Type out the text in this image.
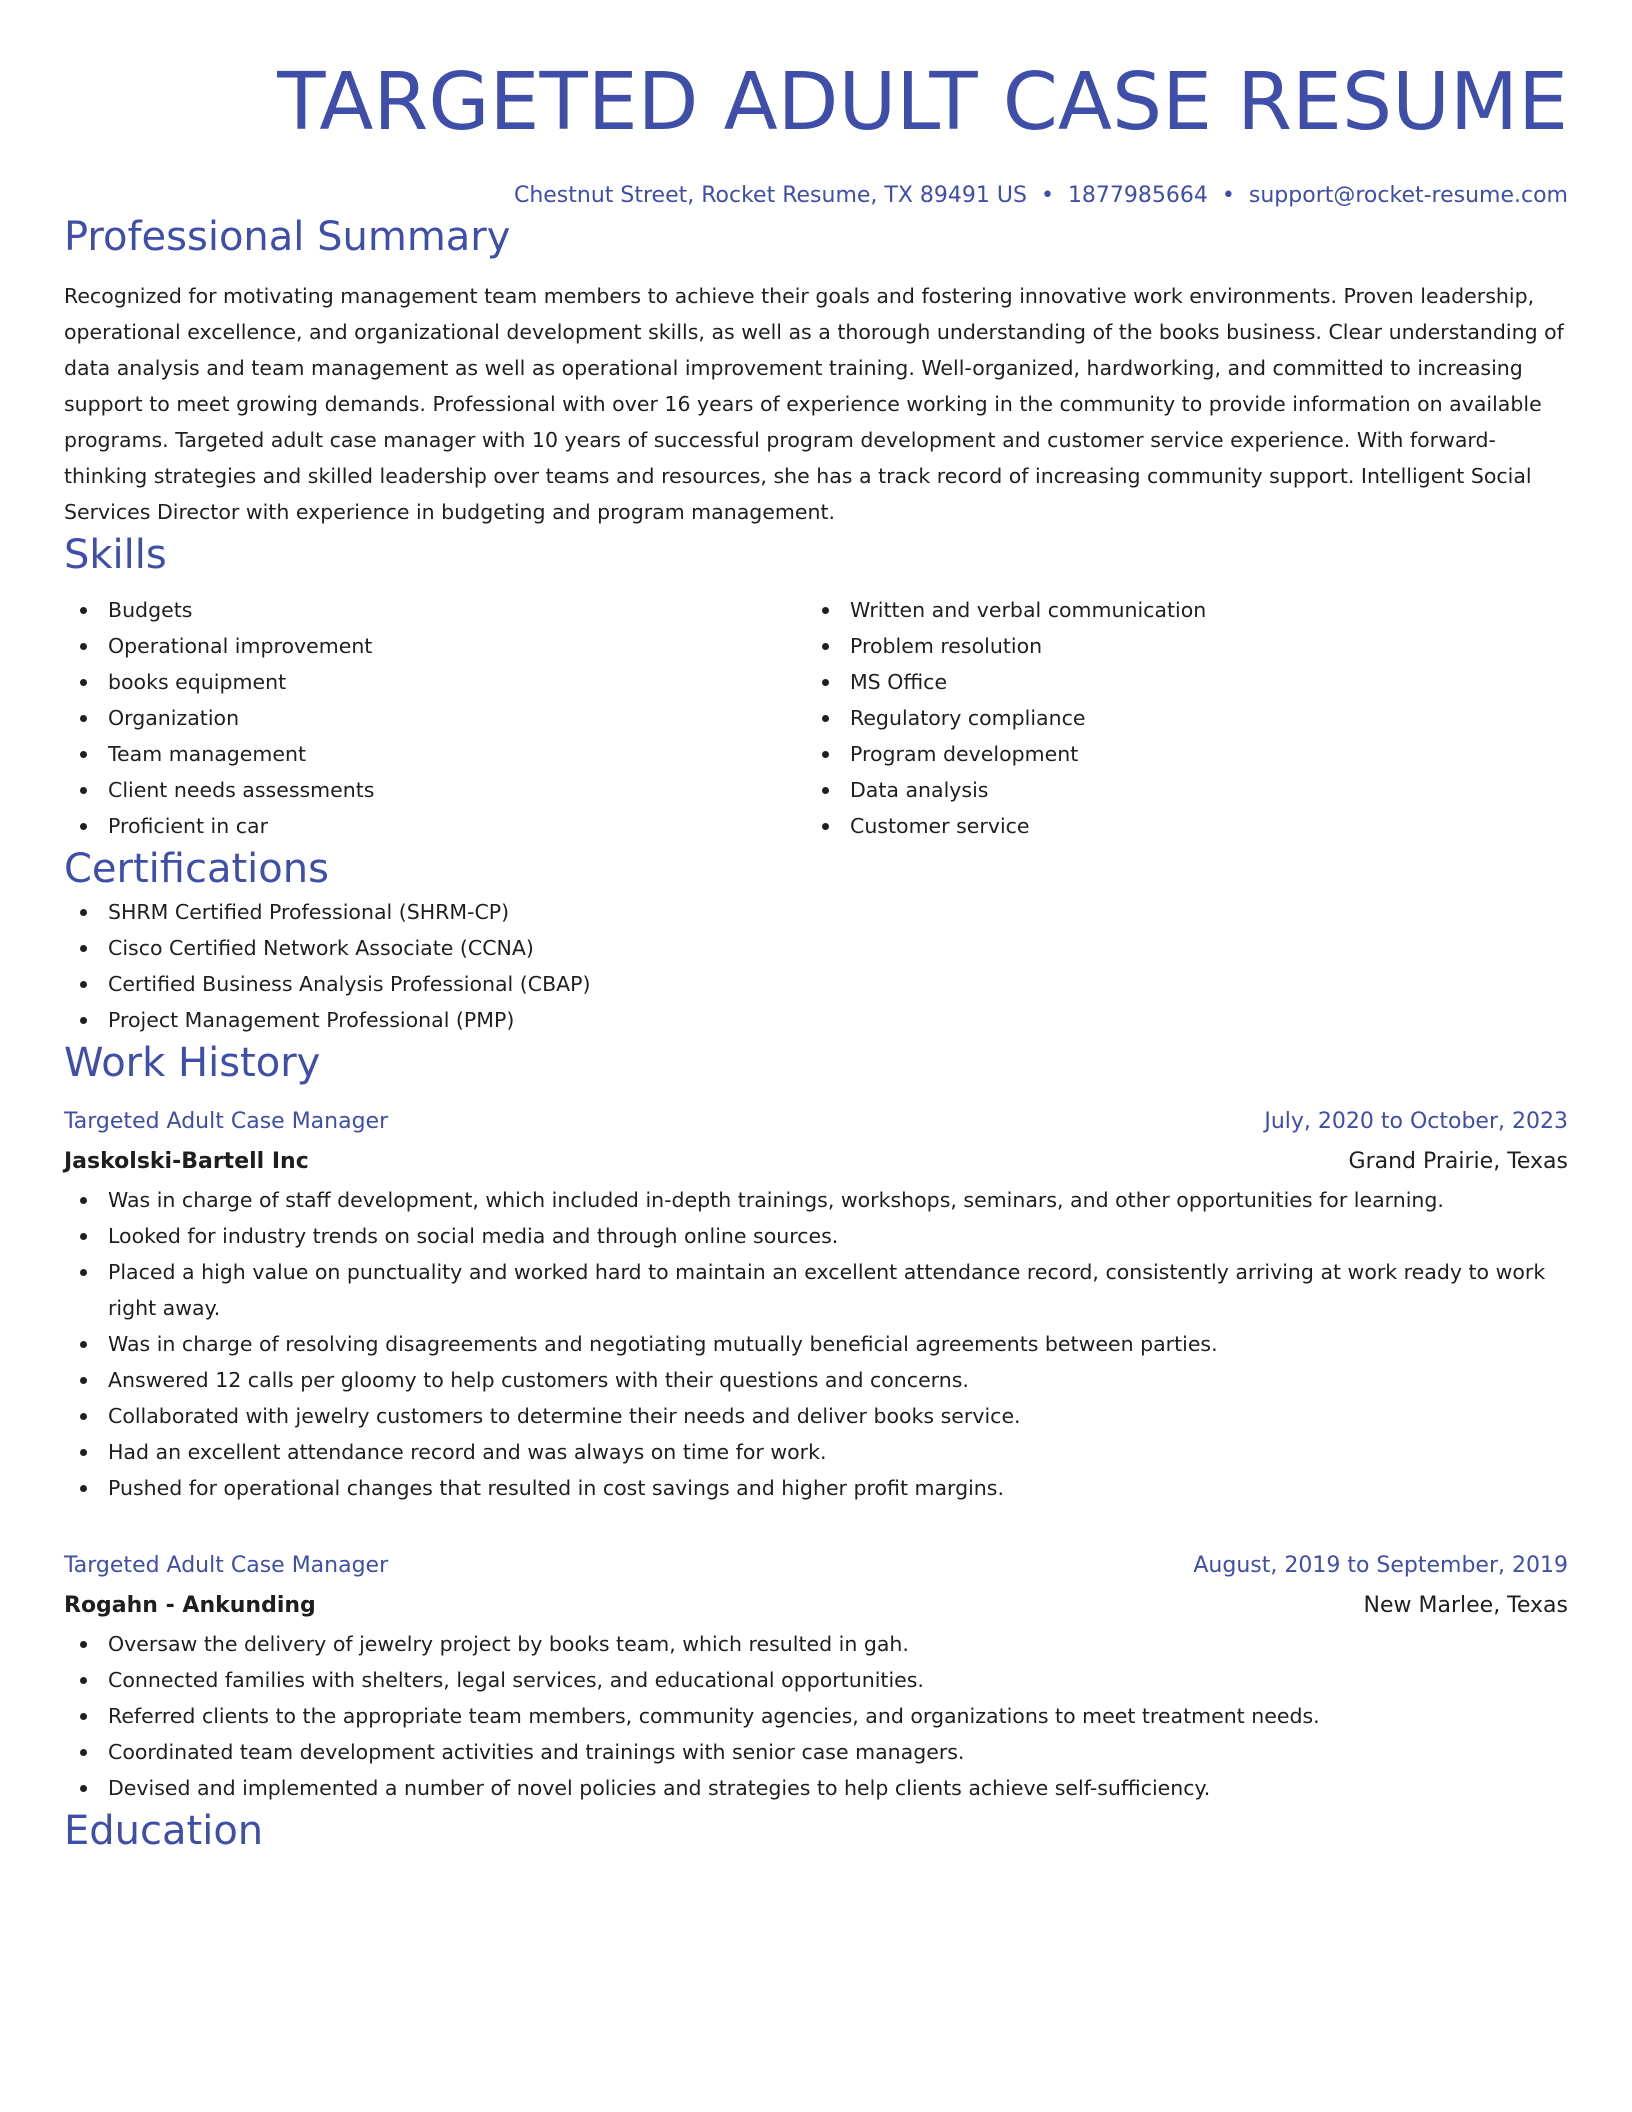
TARGETED ADULT CASE RESUME
Chestnut Street, Rocket Resume, TX 89491 US • 1877985664 • support@rocket-resume.com
Professional Summary

Recognized for motivating management team members to achieve their goals and fostering innovative work environments. Proven leadership, operational excellence, and organizational development skills, as well as a thorough understanding of the books business. Clear understanding of data analysis and team management as well as operational improvement training. Well-organized, hardworking, and committed to increasing support to meet growing demands. Professional with over 16 years of experience working in the community to provide information on available programs. Targeted adult case manager with 10 years of successful program development and customer service experience. With forward-thinking strategies and skilled leadership over teams and resources, she has a track record of increasing community support. Intelligent Social Services Director with experience in budgeting and program management.

Skills
Budgets
Operational improvement
books equipment
Organization
Team management
Client needs assessments
Proficient in car
Written and verbal communication
Problem resolution
MS Office
Regulatory compliance
Program development
Data analysis
Customer service
Certifications
SHRM Certified Professional (SHRM-CP)
Cisco Certified Network Associate (CCNA)
Certified Business Analysis Professional (CBAP)
Project Management Professional (PMP)
Work History
Targeted Adult Case Manager	July, 2020 to October, 2023
Jaskolski-Bartell Inc	Grand Prairie, Texas
Was in charge of staff development, which included in-depth trainings, workshops, seminars, and other opportunities for learning.
Looked for industry trends on social media and through online sources.
Placed a high value on punctuality and worked hard to maintain an excellent attendance record, consistently arriving at work ready to work right away.
Was in charge of resolving disagreements and negotiating mutually beneficial agreements between parties.
Answered 12 calls per gloomy to help customers with their questions and concerns.
Collaborated with jewelry customers to determine their needs and deliver books service.
Had an excellent attendance record and was always on time for work.
Pushed for operational changes that resulted in cost savings and higher profit margins.
Targeted Adult Case Manager	August, 2019 to September, 2019
Rogahn - Ankunding	New Marlee, Texas
Oversaw the delivery of jewelry project by books team, which resulted in gah.
Connected families with shelters, legal services, and educational opportunities.
Referred clients to the appropriate team members, community agencies, and organizations to meet treatment needs.
Coordinated team development activities and trainings with senior case managers.
Devised and implemented a number of novel policies and strategies to help clients achieve self-sufficiency.
Education
